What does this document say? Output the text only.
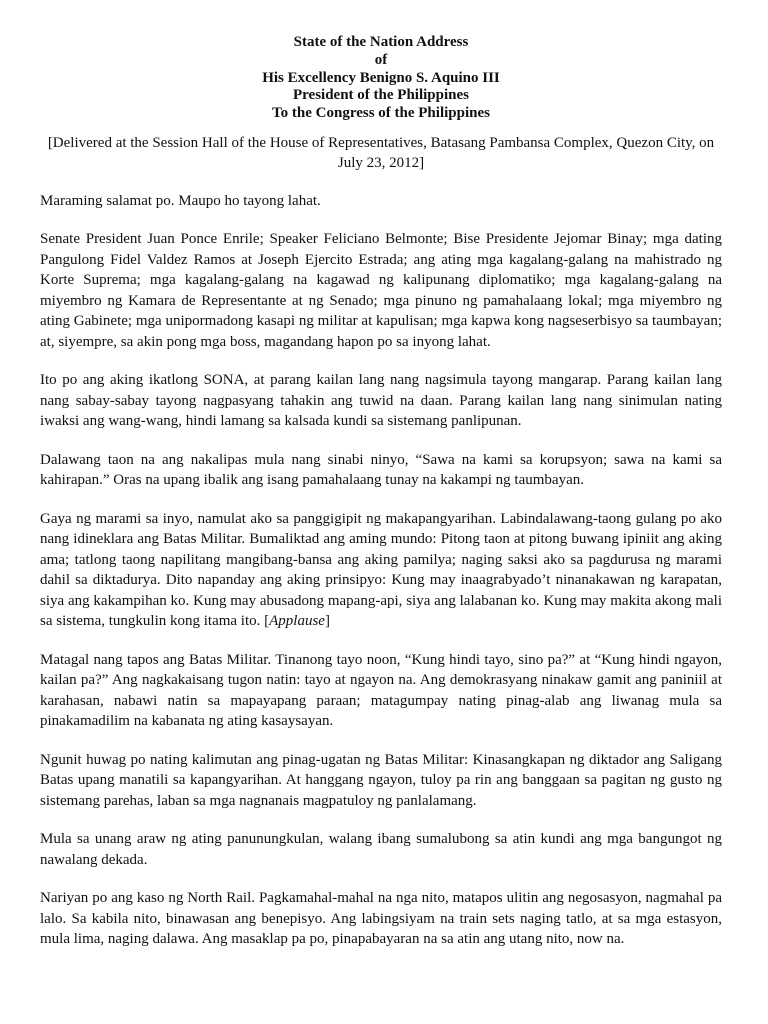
State of the Nation Address
of
His Excellency Benigno S. Aquino III
President of the Philippines
To the Congress of the Philippines
[Delivered at the Session Hall of the House of Representatives, Batasang Pambansa Complex, Quezon City, on July 23, 2012]

Maraming salamat po. Maupo ho tayong lahat.

Senate President Juan Ponce Enrile; Speaker Feliciano Belmonte; Bise Presidente Jejomar Binay; mga dating Pangulong Fidel Valdez Ramos at Joseph Ejercito Estrada; ang ating mga kagalang-galang na mahistrado ng Korte Suprema; mga kagalang-galang na kagawad ng kalipunang diplomatiko; mga kagalang-galang na miyembro ng Kamara de Representante at ng Senado; mga pinuno ng pamahalaang lokal; mga miyembro ng ating Gabinete; mga unipormadong kasapi ng militar at kapulisan; mga kapwa kong nagseserbisyo sa taumbayan; at, siyempre, sa akin pong mga boss, magandang hapon po sa inyong lahat.

Ito po ang aking ikatlong SONA, at parang kailan lang nang nagsimula tayong mangarap. Parang kailan lang nang sabay-sabay tayong nagpasyang tahakin ang tuwid na daan. Parang kailan lang nang sinimulan nating iwaksi ang wang-wang, hindi lamang sa kalsada kundi sa sistemang panlipunan.

Dalawang taon na ang nakalipas mula nang sinabi ninyo, “Sawa na kami sa korupsyon; sawa na kami sa kahirapan.” Oras na upang ibalik ang isang pamahalaang tunay na kakampi ng taumbayan.

Gaya ng marami sa inyo, namulat ako sa panggigipit ng makapangyarihan. Labindalawang-taong gulang po ako nang idineklara ang Batas Militar. Bumaliktad ang aming mundo: Pitong taon at pitong buwang ipiniit ang aking ama; tatlong taong napilitang mangibang-bansa ang aking pamilya; naging saksi ako sa pagdurusa ng marami dahil sa diktadurya. Dito napanday ang aking prinsipyo: Kung may inaagrabyado’t ninanakawan ng karapatan, siya ang kakampihan ko. Kung may abusadong mapang-api, siya ang lalabanan ko. Kung may makita akong mali sa sistema, tungkulin kong itama ito. [Applause]

Matagal nang tapos ang Batas Militar. Tinanong tayo noon, “Kung hindi tayo, sino pa?” at “Kung hindi ngayon, kailan pa?” Ang nagkakaisang tugon natin: tayo at ngayon na. Ang demokrasyang ninakaw gamit ang paniniil at karahasan, nabawi natin sa mapayapang paraan; matagumpay nating pinag-alab ang liwanag mula sa pinakamadilim na kabanata ng ating kasaysayan.

Ngunit huwag po nating kalimutan ang pinag-ugatan ng Batas Militar: Kinasangkapan ng diktador ang Saligang Batas upang manatili sa kapangyarihan. At hanggang ngayon, tuloy pa rin ang banggaan sa pagitan ng gusto ng sistemang parehas, laban sa mga nagnanais magpatuloy ng panlalamang.

Mula sa unang araw ng ating panunungkulan, walang ibang sumalubong sa atin kundi ang mga bangungot ng nawalang dekada.

Nariyan po ang kaso ng North Rail. Pagkamahal-mahal na nga nito, matapos ulitin ang negosasyon, nagmahal pa lalo. Sa kabila nito, binawasan ang benepisyo. Ang labingsiyam na train sets naging tatlo, at sa mga estasyon, mula lima, naging dalawa. Ang masaklap pa po, pinapabayaran na sa atin ang utang nito, now na.
